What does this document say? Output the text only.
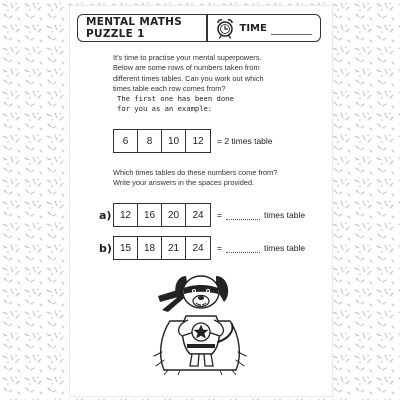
MENTAL MATHS PUZZLE 1	TIME
It's time to practise your mental superpowers. Below are some rows of numbers taken from different times tables. Can you work out which times table each row comes from?
The first one has been done
for you as an example:
6	8	10	12	= 2 times table
Which times tables do these numbers come from? Write your answers in the spaces provided.
a) 12	16	20	24	=	times table
b) 15	18	21	24	=	times table
